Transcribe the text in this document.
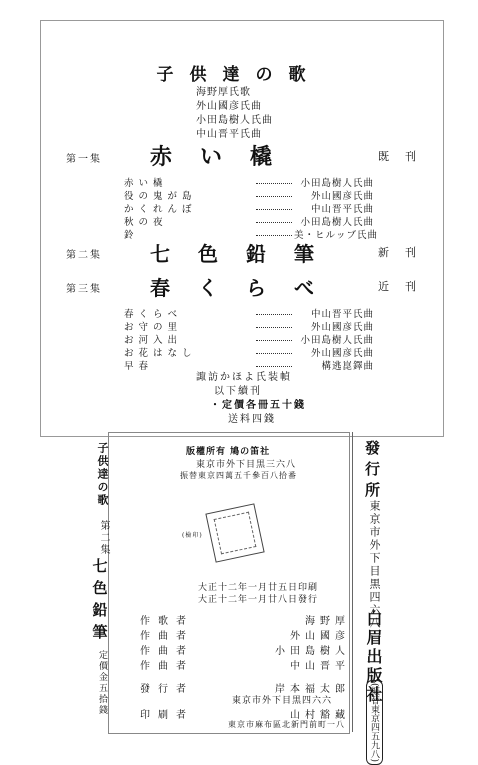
子供達の歌
海野厚氏歌
外山國彦氏曲
小田島樹人氏曲
中山晋平氏曲
第一集 赤い橇	既刊
赤い橇	小田島樹人氏曲
役の鬼が島	外山國彦氏曲
かくれんぼ	中山晋平氏曲
秋の夜	小田島樹人氏曲
鈴	美・ヒルッブ氏曲
第二集 七色鉛筆	新刊
第三集 春くらべ	近刊
春くらべ	中山晋平氏曲
お守の里	外山國彦氏曲
お河入出	小田島樹人氏曲
お花はなし	外山國彦氏曲
早春	構逃崑鐸曲
諏訪かほよ氏装幀
以下續刊
・定價各冊五十錢
送料四錢
子供達の歌
第二集
七
色
鉛
筆
定價金五拾錢
版權所有 鳩の笛社
東京市外下目黒三六八
振替東京四萬五千參百八拾番
(檢印)
大正十二年一月廿五日印刷
大正十二年一月廿八日發行
作歌者	海野厚
作曲者	外山國彦
作曲者	小田島樹人
作曲者	中山晋平
發行者	岸本福太郎
東京市外下目黒四六六
印刷者	山村豁藏
東京市麻布區北新門前町一八
發行所
東京市外下目黒四六八
白眉出版社
(振替東京四五九八)
